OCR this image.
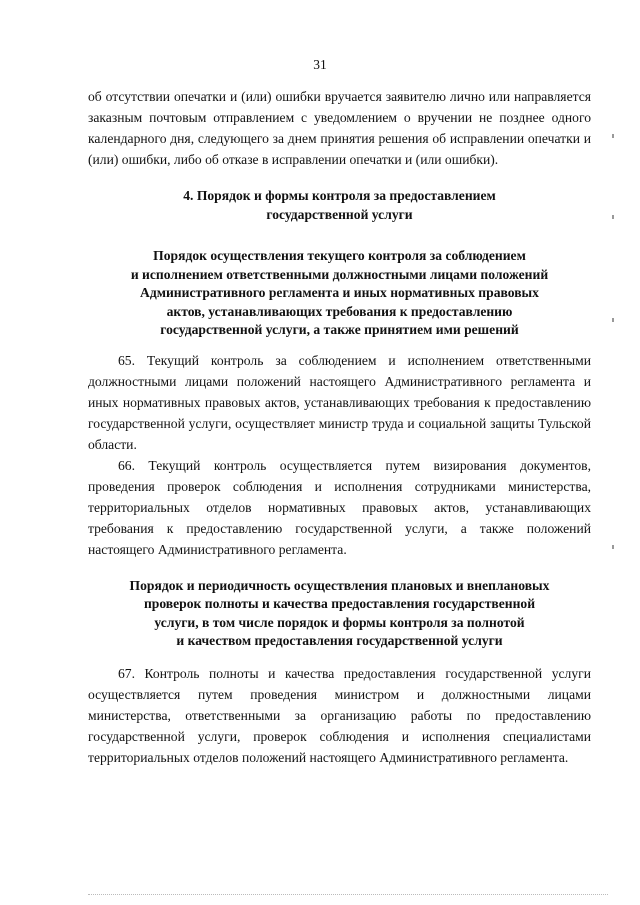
31

об отсутствии опечатки и (или) ошибки вручается заявителю лично или направляется заказным почтовым отправлением с уведомлением о вручении не позднее одного календарного дня, следующего за днем принятия решения об исправлении опечатки и (или) ошибки, либо об отказе в исправлении опечатки и (или ошибки).

4. Порядок и формы контроля за предоставлением
государственной услуги

Порядок осуществления текущего контроля за соблюдением
и исполнением ответственными должностными лицами положений
Административного регламента и иных нормативных правовых
актов, устанавливающих требования к предоставлению
государственной услуги, а также принятием ими решений

65. Текущий контроль за соблюдением и исполнением ответственными должностными лицами положений настоящего Административного регламента и иных нормативных правовых актов, устанавливающих требования к предоставлению государственной услуги, осуществляет министр труда и социальной защиты Тульской области.

66. Текущий контроль осуществляется путем визирования документов, проведения проверок соблюдения и исполнения сотрудниками министерства, территориальных отделов нормативных правовых актов, устанавливающих требования к предоставлению государственной услуги, а также положений настоящего Административного регламента.

Порядок и периодичность осуществления плановых и внеплановых
проверок полноты и качества предоставления государственной
услуги, в том числе порядок и формы контроля за полнотой
и качеством предоставления государственной услуги

67. Контроль полноты и качества предоставления государственной услуги осуществляется путем проведения министром и должностными лицами министерства, ответственными за организацию работы по предоставлению государственной услуги, проверок соблюдения и исполнения специалистами территориальных отделов положений настоящего Административного регламента.
